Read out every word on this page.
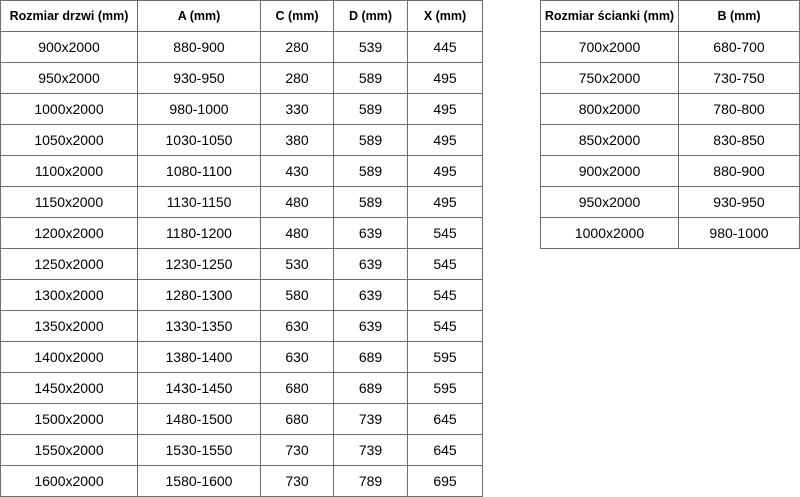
Rozmiar drzwi (mm)	A (mm)	C (mm)	D (mm)	X (mm)
900x2000	880-900	280	539	445
950x2000	930-950	280	589	495
1000x2000	980-1000	330	589	495
1050x2000	1030-1050	380	589	495
1100x2000	1080-1100	430	589	495
1150x2000	1130-1150	480	589	495
1200x2000	1180-1200	480	639	545
1250x2000	1230-1250	530	639	545
1300x2000	1280-1300	580	639	545
1350x2000	1330-1350	630	639	545
1400x2000	1380-1400	630	689	595
1450x2000	1430-1450	680	689	595
1500x2000	1480-1500	680	739	645
1550x2000	1530-1550	730	739	645
1600x2000	1580-1600	730	789	695
Rozmiar ścianki (mm)	B (mm)
700x2000	680-700
750x2000	730-750
800x2000	780-800
850x2000	830-850
900x2000	880-900
950x2000	930-950
1000x2000	980-1000
